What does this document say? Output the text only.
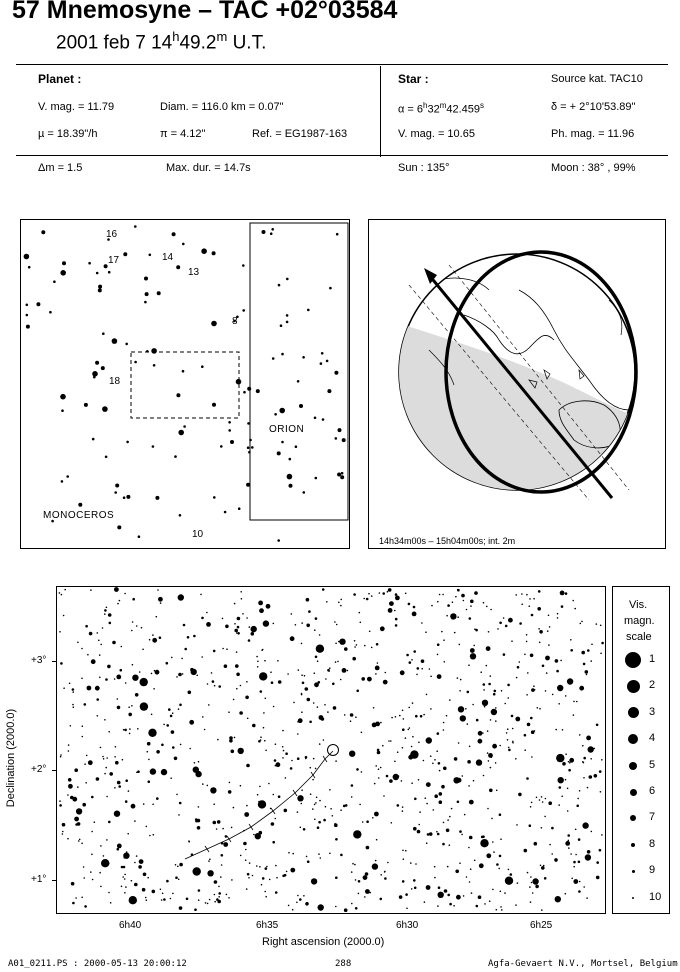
57 Mnemosyne – TAC +02°03584
2001 feb 7 14$^h$49.2$^m$ U.T.
Planet :
V. mag. = 11.79	Diam. = 116.0 km = 0.07"
µ = 18.39"/h	π = 4.12"	Ref. = EG1987-163
Δm = 1.5	Max. dur. = 14.7s
Star :	Source kat. TAC10
$\alpha = 6^h32^m42.459^s$	δ = + 2°10'53.89"
V. mag. = 10.65	Ph. mag. = 11.96
Sun : 135°	Moon : 38° , 99%
16
17	14
13
8
18
10
MONOCEROS
ORION
14h34m00s – 15h04m00s; int. 2m
+3°
+2°
+1°
6h40	6h35	6h30	6h25
Right ascension (2000.0)
Declination (2000.0)
Vis.
magn.
scale
1
2
3
4
5
6
7
8
9
10
A01_0211.PS : 2000-05-13 20:00:12	288	Agfa-Gevaert N.V., Mortsel, Belgium
